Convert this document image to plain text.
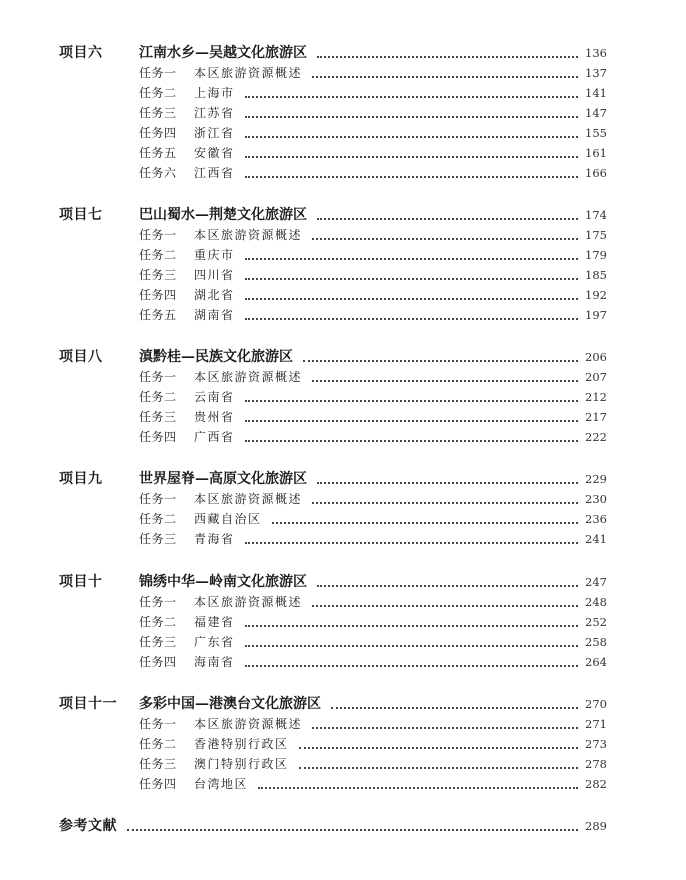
项目六	江南水乡—吴越文化旅游区	136
任务一 本区旅游资源概述	137
任务二 上海市	141
任务三 江苏省	147
任务四 浙江省	155
任务五 安徽省	161
任务六 江西省	166
项目七	巴山蜀水—荆楚文化旅游区	174
任务一 本区旅游资源概述	175
任务二 重庆市	179
任务三 四川省	185
任务四 湖北省	192
任务五 湖南省	197
项目八	滇黔桂—民族文化旅游区	206
任务一 本区旅游资源概述	207
任务二 云南省	212
任务三 贵州省	217
任务四 广西省	222
项目九	世界屋脊—高原文化旅游区	229
任务一 本区旅游资源概述	230
任务二 西藏自治区	236
任务三 青海省	241
项目十	锦绣中华—岭南文化旅游区	247
任务一 本区旅游资源概述	248
任务二 福建省	252
任务三 广东省	258
任务四 海南省	264
项目十一 多彩中国—港澳台文化旅游区	270
任务一 本区旅游资源概述	271
任务二 香港特别行政区	273
任务三 澳门特别行政区	278
任务四 台湾地区	282
参考文献	289
